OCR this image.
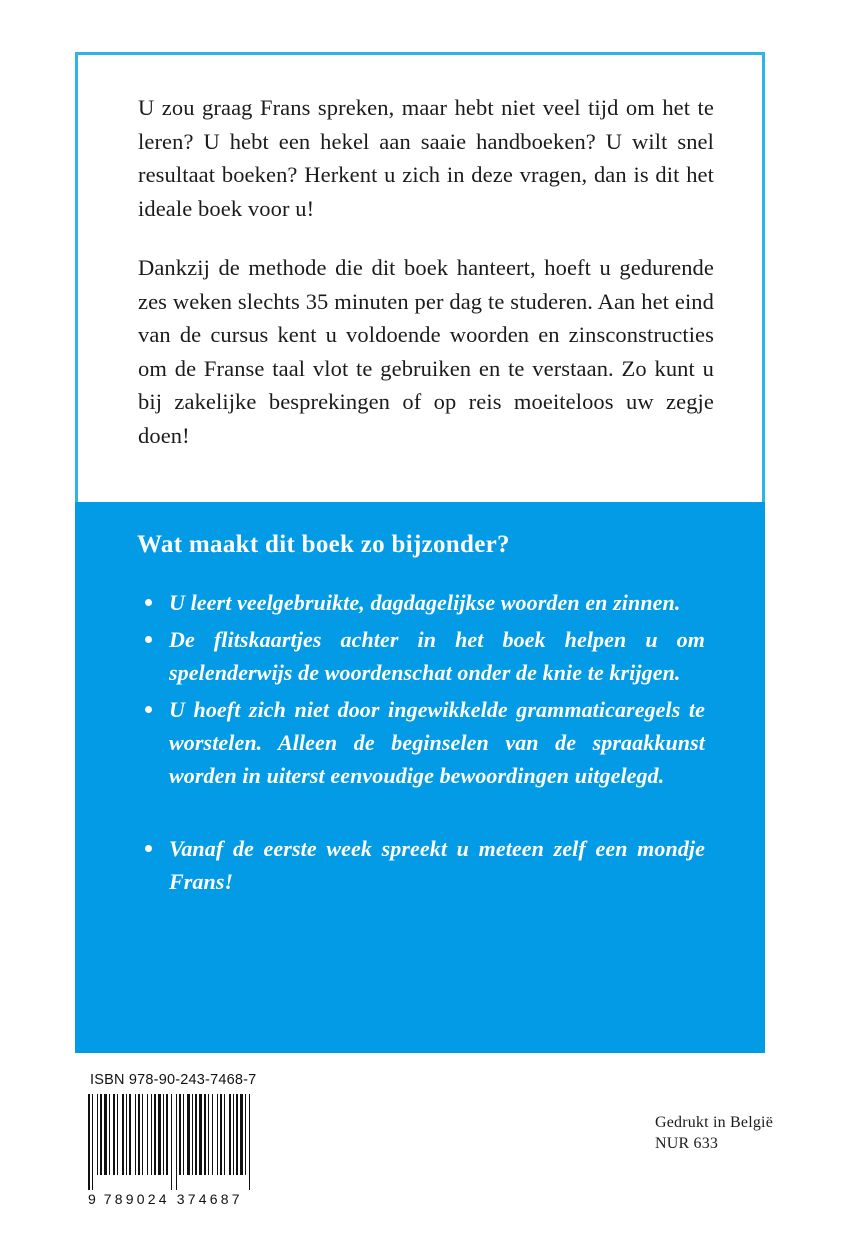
U zou graag Frans spreken, maar hebt niet veel tijd om het te leren? U hebt een hekel aan saaie handboeken? U wilt snel resultaat boeken? Herkent u zich in deze vragen, dan is dit het ideale boek voor u!

Dankzij de methode die dit boek hanteert, hoeft u gedurende zes weken slechts 35 minuten per dag te studeren. Aan het eind van de cursus kent u voldoende woorden en zinsconstructies om de Franse taal vlot te gebruiken en te verstaan. Zo kunt u bij zakelijke besprekingen of op reis moeiteloos uw zegje doen!

Wat maakt dit boek zo bijzonder?
U leert veelgebruikte, dagdagelijkse woorden en zinnen.
De flitskaartjes achter in het boek helpen u om spelenderwijs de woordenschat onder de knie te krijgen.
U hoeft zich niet door ingewikkelde grammaticaregels te worstelen. Alleen de beginselen van de spraakkunst worden in uiterst eenvoudige bewoordingen uitgelegd.
Vanaf de eerste week spreekt u meteen zelf een mondje Frans!
ISBN 978-90-243-7468-7
9 789024 374687
Gedrukt in België
NUR 633
